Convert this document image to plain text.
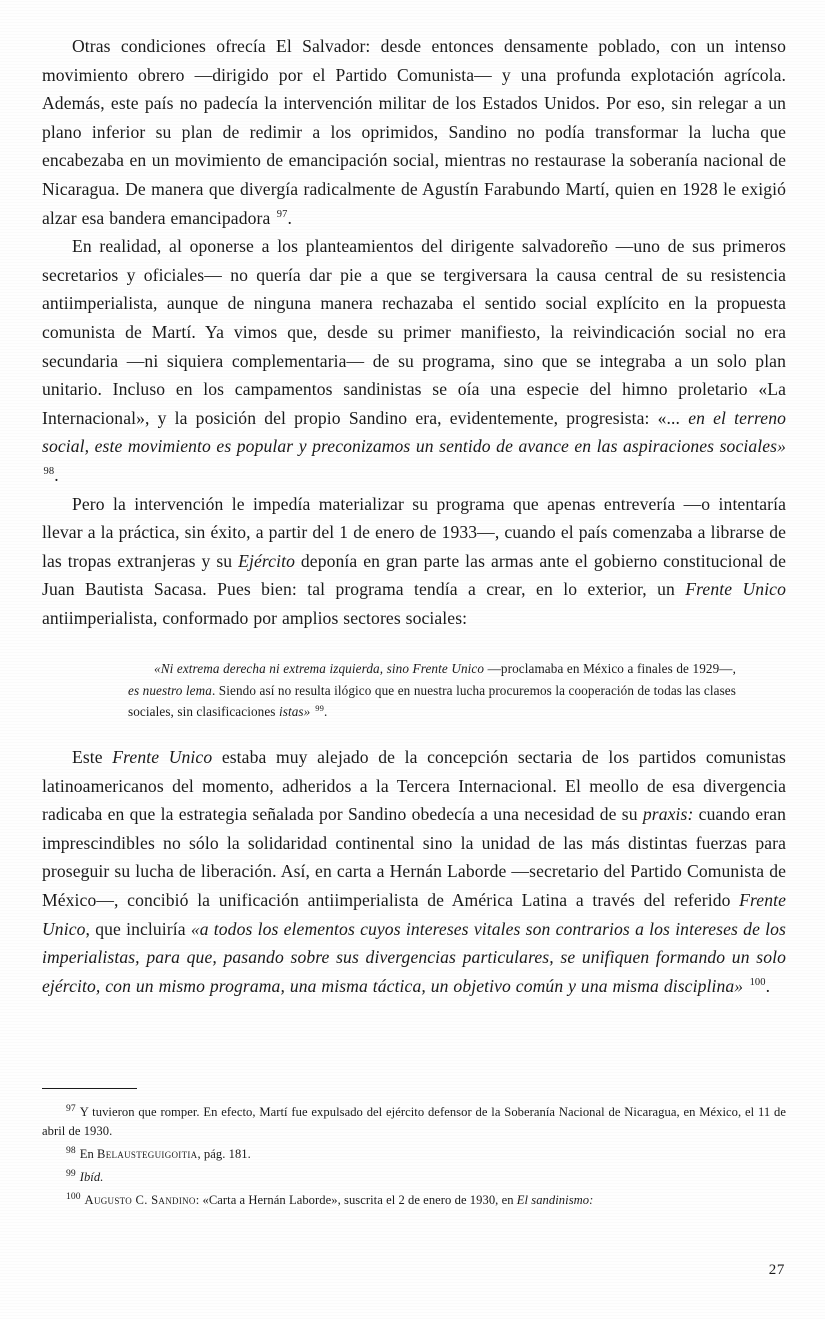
Otras condiciones ofrecía El Salvador: desde entonces densamente poblado, con un intenso movimiento obrero —dirigido por el Partido Comunista— y una profunda explotación agrícola. Además, este país no padecía la intervención militar de los Estados Unidos. Por eso, sin relegar a un plano inferior su plan de redimir a los oprimidos, Sandino no podía transformar la lucha que encabezaba en un movimiento de emancipación social, mientras no restaurase la soberanía nacional de Nicaragua. De manera que divergía radicalmente de Agustín Farabundo Martí, quien en 1928 le exigió alzar esa bandera emancipadora $^{97}$.

En realidad, al oponerse a los planteamientos del dirigente salvadoreño —uno de sus primeros secretarios y oficiales— no quería dar pie a que se tergiversara la causa central de su resistencia antiimperialista, aunque de ninguna manera rechazaba el sentido social explícito en la propuesta comunista de Martí. Ya vimos que, desde su primer manifiesto, la reivindicación social no era secundaria —ni siquiera complementaria— de su programa, sino que se integraba a un solo plan unitario. Incluso en los campamentos sandinistas se oía una especie del himno proletario «La Internacional», y la posición del propio Sandino era, evidentemente, progresista: «... en el terreno social, este movimiento es popular y preconizamos un sentido de avance en las aspiraciones sociales» $^{98}$.

Pero la intervención le impedía materializar su programa que apenas entrevería —o intentaría llevar a la práctica, sin éxito, a partir del 1 de enero de 1933—, cuando el país comenzaba a librarse de las tropas extranjeras y su Ejército deponía en gran parte las armas ante el gobierno constitucional de Juan Bautista Sacasa. Pues bien: tal programa tendía a crear, en lo exterior, un Frente Unico antiimperialista, conformado por amplios sectores sociales:

«Ni extrema derecha ni extrema izquierda, sino Frente Unico —proclamaba en México a finales de 1929—, es nuestro lema. Siendo así no resulta ilógico que en nuestra lucha procuremos la cooperación de todas las clases sociales, sin clasificaciones istas» $^{99}$.

Este Frente Unico estaba muy alejado de la concepción sectaria de los partidos comunistas latinoamericanos del momento, adheridos a la Tercera Internacional. El meollo de esa divergencia radicaba en que la estrategia señalada por Sandino obedecía a una necesidad de su praxis: cuando eran imprescindibles no sólo la solidaridad continental sino la unidad de las más distintas fuerzas para proseguir su lucha de liberación. Así, en carta a Hernán Laborde —secretario del Partido Comunista de México—, concibió la unificación antiimperialista de América Latina a través del referido Frente Unico, que incluiría «a todos los elementos cuyos intereses vitales son contrarios a los intereses de los imperialistas, para que, pasando sobre sus divergencias particulares, se unifiquen formando un solo ejército, con un mismo programa, una misma táctica, un objetivo común y una misma disciplina» $^{100}$.

$^{97}$ Y tuvieron que romper. En efecto, Martí fue expulsado del ejército defensor de la Soberanía Nacional de Nicaragua, en México, el 11 de abril de 1930.

$^{98}$ En Belausteguigoitia, pág. 181.

$^{99}$ Ibíd.

$^{100}$ Augusto C. Sandino: «Carta a Hernán Laborde», suscrita el 2 de enero de 1930, en El sandinismo:

27
